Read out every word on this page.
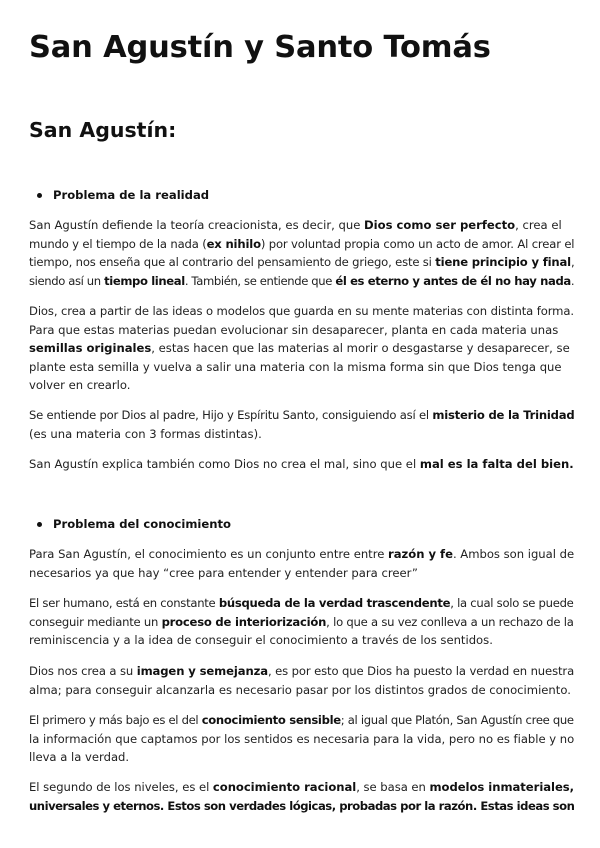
San Agustín y Santo Tomás
San Agustín:
Problema de la realidad
San Agustín defiende la teoría creacionista, es decir, que Dios como ser perfecto, crea el
mundo y el tiempo de la nada (ex nihilo) por voluntad propia como un acto de amor. Al crear el
tiempo, nos enseña que al contrario del pensamiento de griego, este si tiene principio y final,
siendo así un tiempo lineal. También, se entiende que él es eterno y antes de él no hay nada.
Dios, crea a partir de las ideas o modelos que guarda en su mente materias con distinta forma.
Para que estas materias puedan evolucionar sin desaparecer, planta en cada materia unas
semillas originales, estas hacen que las materias al morir o desgastarse y desaparecer, se
plante esta semilla y vuelva a salir una materia con la misma forma sin que Dios tenga que
volver en crearlo.
Se entiende por Dios al padre, Hijo y Espíritu Santo, consiguiendo así el misterio de la Trinidad
(es una materia con 3 formas distintas).
San Agustín explica también como Dios no crea el mal, sino que el mal es la falta del bien.
Problema del conocimiento
Para San Agustín, el conocimiento es un conjunto entre entre razón y fe. Ambos son igual de
necesarios ya que hay “cree para entender y entender para creer”
El ser humano, está en constante búsqueda de la verdad trascendente, la cual solo se puede
conseguir mediante un proceso de interiorización, lo que a su vez conlleva a un rechazo de la
reminiscencia y a la idea de conseguir el conocimiento a través de los sentidos.
Dios nos crea a su imagen y semejanza, es por esto que Dios ha puesto la verdad en nuestra
alma; para conseguir alcanzarla es necesario pasar por los distintos grados de conocimiento.
El primero y más bajo es el del conocimiento sensible; al igual que Platón, San Agustín cree que
la información que captamos por los sentidos es necesaria para la vida, pero no es fiable y no
lleva a la verdad.
El segundo de los niveles, es el conocimiento racional, se basa en modelos inmateriales,
universales y eternos. Estos son verdades lógicas, probadas por la razón. Estas ideas son
